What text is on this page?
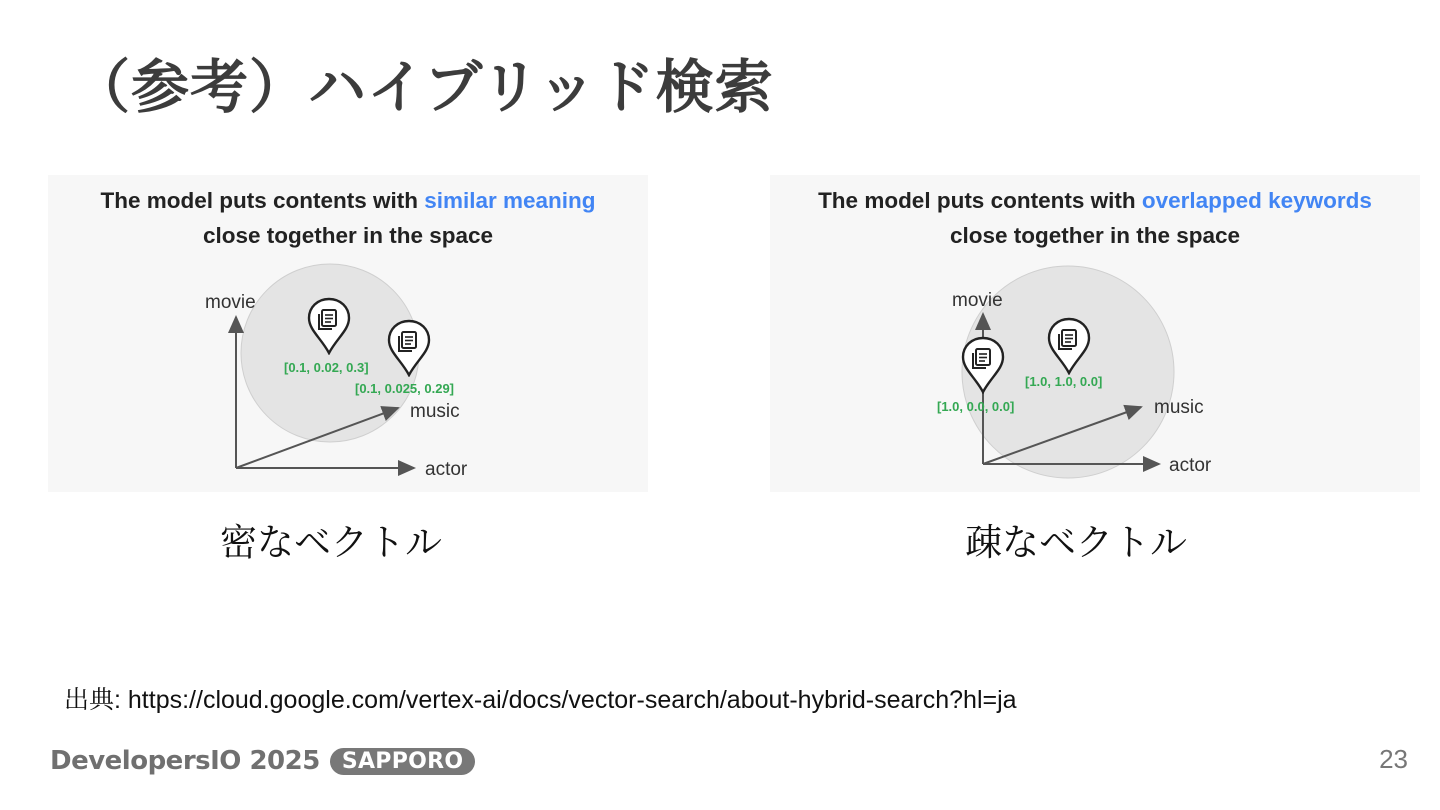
（参考）ハイブリッド検索
The model puts contents with similar meaning
close together in the space
movie
music
actor
[0.1, 0.02, 0.3]
[0.1, 0.025, 0.29]
The model puts contents with overlapped keywords
close together in the space
movie
music
actor
[1.0, 0.0, 0.0]
[1.0, 1.0, 0.0]
密なベクトル	疎なベクトル
出典: https://cloud.google.com/vertex-ai/docs/vector-search/about-hybrid-search?hl=ja
DevelopersIO 2025	SAPPORO	23
